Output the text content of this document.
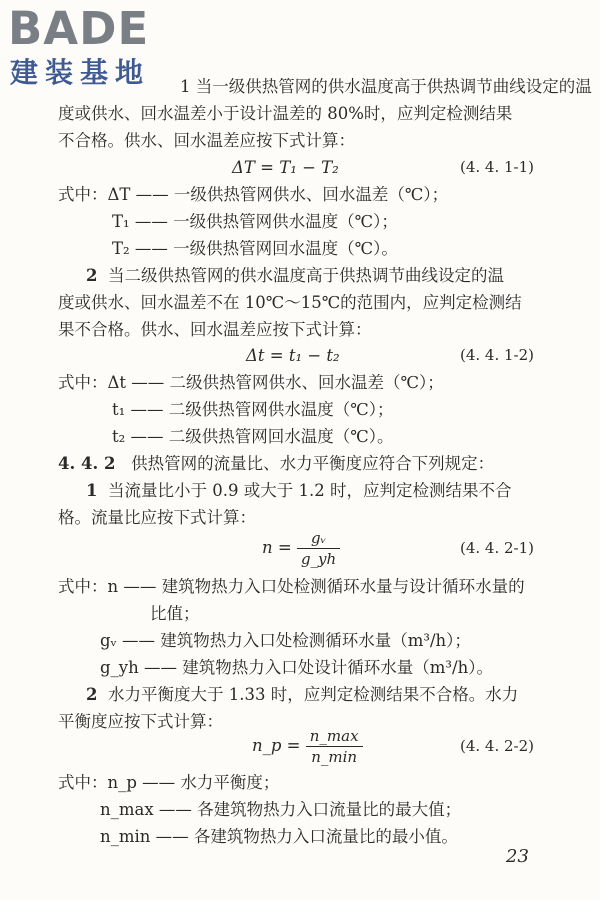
BADE
建装基地 1 当一级供热管网的供水温度高于供热调节曲线设定的温
度或供水、回水温差小于设计温差的 80%时，应判定检测结果
不合格。供水、回水温差应按下式计算：
ΔT = T₁ − T₂	(4. 4. 1-1)
式中：ΔT —— 一级供热管网供水、回水温差（℃）；
T₁ —— 一级供热管网供水温度（℃）；
T₂ —— 一级供热管网回水温度（℃）。
2 当二级供热管网的供水温度高于供热调节曲线设定的温
度或供水、回水温差不在 10℃～15℃的范围内，应判定检测结
果不合格。供水、回水温差应按下式计算：
Δt = t₁ − t₂	(4. 4. 1-2)
式中：Δt —— 二级供热管网供水、回水温差（℃）；
t₁ —— 二级供热管网供水温度（℃）；
t₂ —— 二级供热管网回水温度（℃）。
4. 4. 2 供热管网的流量比、水力平衡度应符合下列规定：
1 当流量比小于 0.9 或大于 1.2 时，应判定检测结果不合
格。流量比应按下式计算：
$n = \frac{\text{gᵥ}}{g\_yh}$	(4. 4. 2-1)
式中：n —— 建筑物热力入口处检测循环水量与设计循环水量的
比值；
gᵥ —— 建筑物热力入口处检测循环水量（m³/h）；
g_yh —— 建筑物热力入口处设计循环水量（m³/h）。
2 水力平衡度大于 1.33 时，应判定检测结果不合格。水力
平衡度应按下式计算：
n_p = $\frac{n\_\max}{n\_\min}$	(4. 4. 2-2)
式中：n_p —— 水力平衡度；
n_max —— 各建筑物热力入口流量比的最大值；
n_min —— 各建筑物热力入口流量比的最小值。
23
